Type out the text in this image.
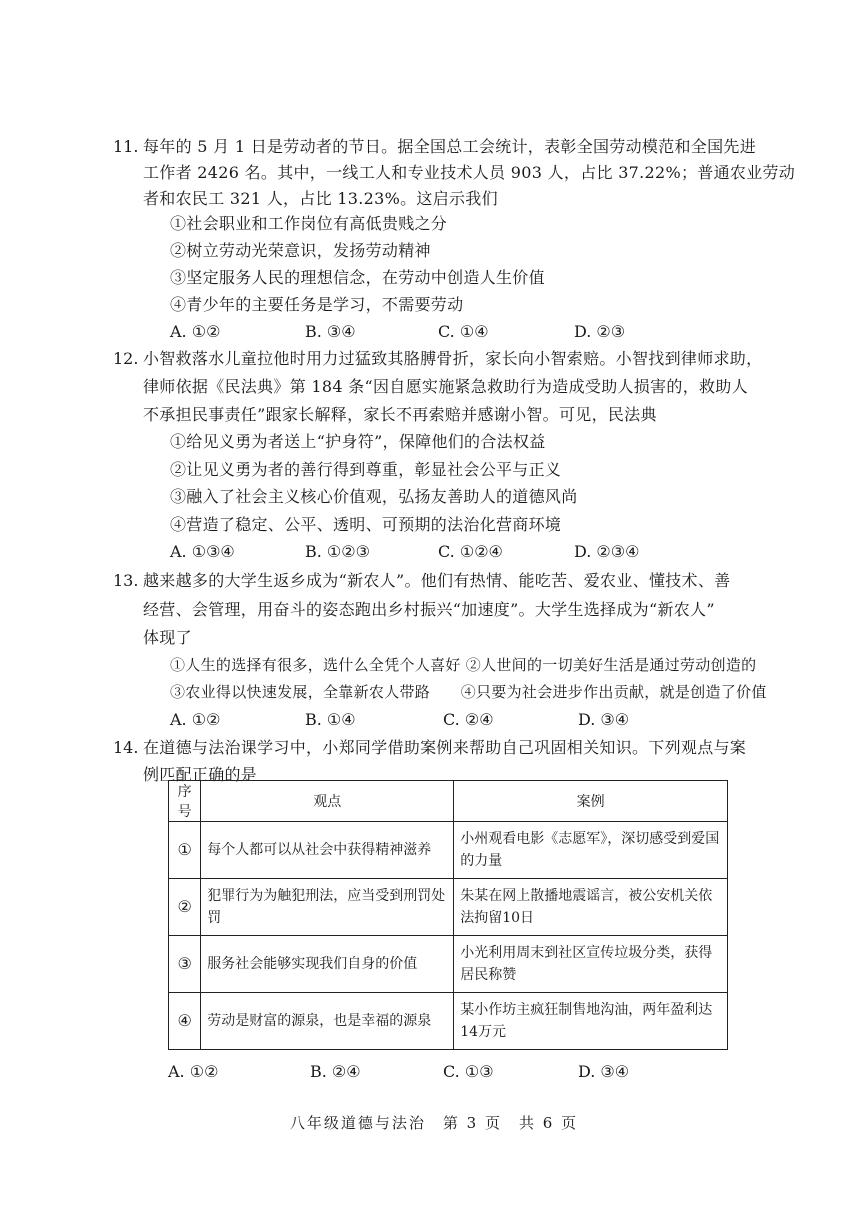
11. 每年的 5 月 1 日是劳动者的节日。据全国总工会统计，表彰全国劳动模范和全国先进
工作者 2426 名。其中，一线工人和专业技术人员 903 人，占比 37.22%；普通农业劳动
者和农民工 321 人，占比 13.23%。这启示我们
①社会职业和工作岗位有高低贵贱之分
②树立劳动光荣意识，发扬劳动精神
③坚定服务人民的理想信念，在劳动中创造人生价值
④青少年的主要任务是学习，不需要劳动
A. ①②	B. ③④	C. ①④	D. ②③
12. 小智救落水儿童拉他时用力过猛致其胳膊骨折，家长向小智索赔。小智找到律师求助，
律师依据《民法典》第 184 条“因自愿实施紧急救助行为造成受助人损害的，救助人
不承担民事责任”跟家长解释，家长不再索赔并感谢小智。可见，民法典
①给见义勇为者送上“护身符”，保障他们的合法权益
②让见义勇为者的善行得到尊重，彰显社会公平与正义
③融入了社会主义核心价值观，弘扬友善助人的道德风尚
④营造了稳定、公平、透明、可预期的法治化营商环境
A. ①③④	B. ①②③	C. ①②④	D. ②③④
13. 越来越多的大学生返乡成为“新农人”。他们有热情、能吃苦、爱农业、懂技术、善
经营、会管理，用奋斗的姿态跑出乡村振兴“加速度”。大学生选择成为“新农人”
体现了
①人生的选择有很多，选什么全凭个人喜好 ②人世间的一切美好生活是通过劳动创造的
③农业得以快速发展，全靠新农人带路　　④只要为社会进步作出贡献，就是创造了价值
A. ①②	B. ①④	C. ②④	D. ③④
14. 在道德与法治课学习中，小郑同学借助案例来帮助自己巩固相关知识。下列观点与案
例匹配正确的是
序号	观点	案例
①	每个人都可以从社会中获得精神滋养	小州观看电影《志愿军》，深切感受到爱国的力量
②	犯罪行为为触犯刑法，应当受到刑罚处罚	朱某在网上散播地震谣言，被公安机关依法拘留10日
③	服务社会能够实现我们自身的价值	小光利用周末到社区宣传垃圾分类，获得居民称赞
④	劳动是财富的源泉，也是幸福的源泉	某小作坊主疯狂制售地沟油，两年盈利达14万元
A. ①②	B. ②④	C. ①③	D. ③④
八年级道德与法治　第 3 页　共 6 页
